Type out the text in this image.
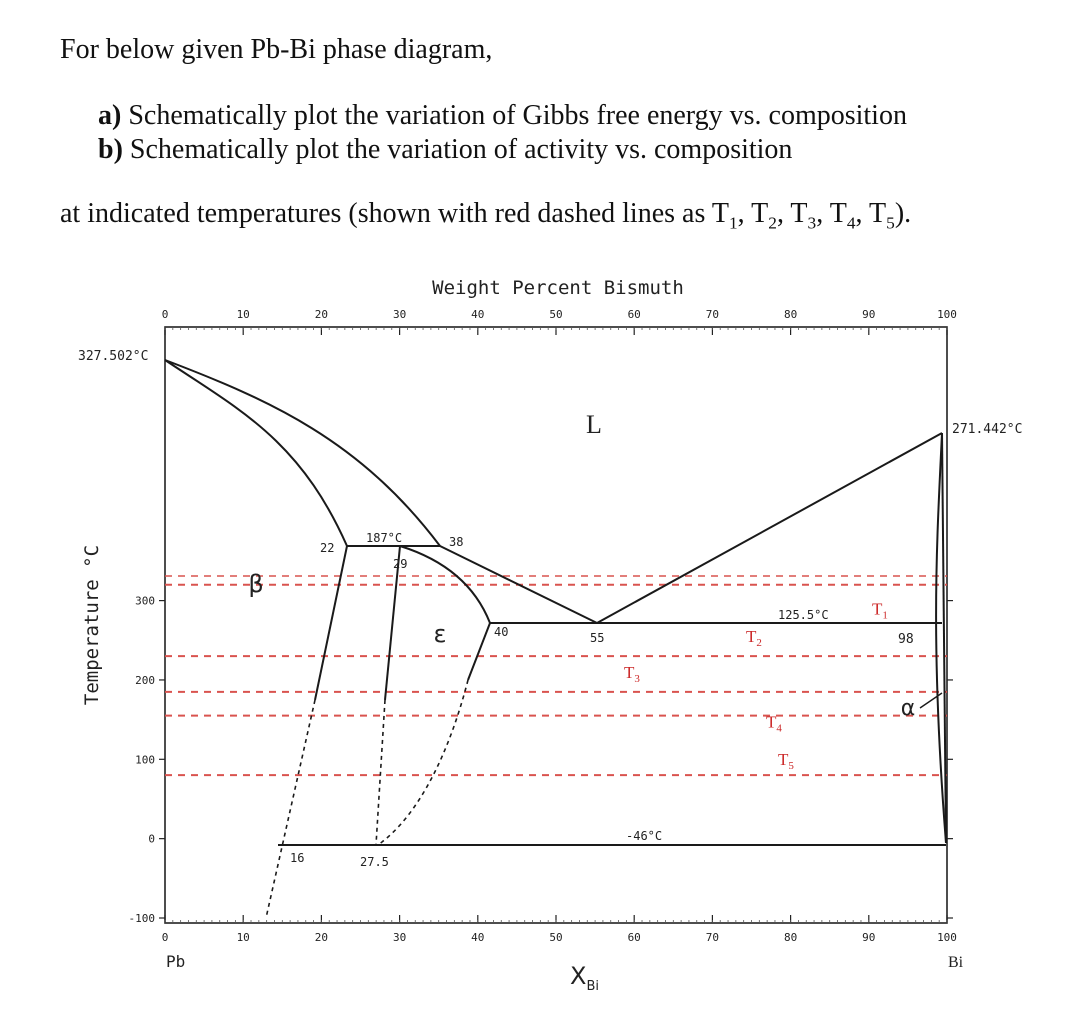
For below given Pb-Bi phase diagram,
a) Schematically plot the variation of Gibbs free energy vs. composition
b) Schematically plot the variation of activity vs. composition
at indicated temperatures (shown with red dashed lines as $T_1$, $T_2$, $T_3$, $T_4$, $T_5$).
Weight Percent Bismuth
0	10	20	30	40	50	60	70	80	90	100
0	10	20	30	40	50	60	70	80	90	100
300
200
100
0
-100
Temperature °C	$T_1$
$T_2$
$T_3$
$T_4$
$T_5$
327.502°C
271.442°C
L
β
ε
α
187°C
125.5°C
-46°C
22
29
38
40	55	98
16	27.5
Pb	Bi
$X_{Bi}$
